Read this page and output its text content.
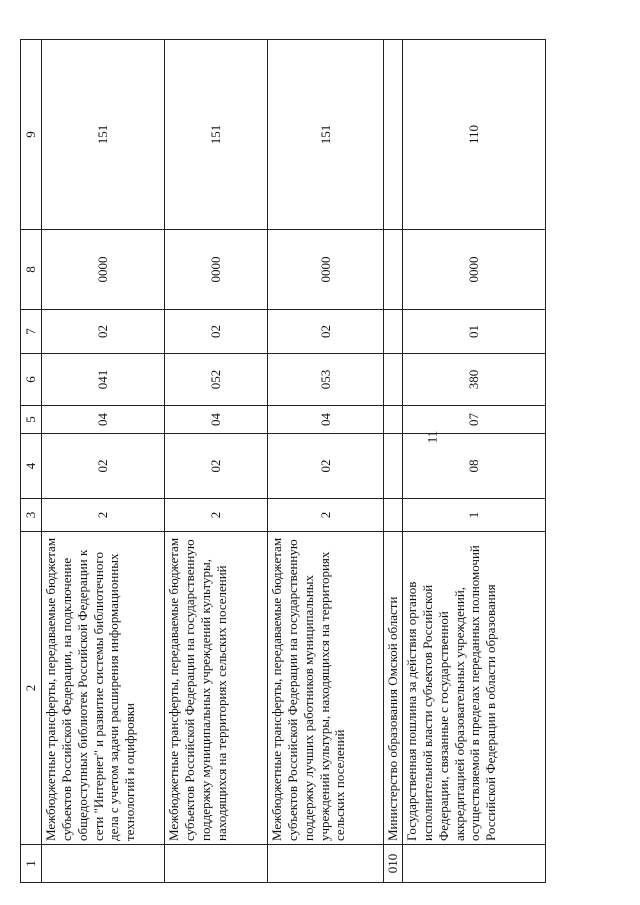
11
1	2	3	4	5	6	7	8	9
	Межбюджетные трансферты, передаваемые бюджетам субъектов Российской Федерации, на подключение общедоступных библиотек Российской Федерации к сети "Интернет" и развитие системы библиотечного дела с учетом задачи расширения информационных технологий и оцифровки	2	02	04	041	02	0000	151
	Межбюджетные трансферты, передаваемые бюджетам субъектов Российской Федерации на государственную поддержку муниципальных учреждений культуры, находящихся на территориях сельских поселений	2	02	04	052	02	0000	151
	Межбюджетные трансферты, передаваемые бюджетам субъектов Российской Федерации на государственную поддержку лучших работников муниципальных учреждений культуры, находящихся на территориях сельских поселений	2	02	04	053	02	0000	151
010	Министерство образования Омской области							
	Государственная пошлина за действия органов исполнительной власти субъектов Российской Федерации, связанные с государственной аккредитацией образовательных учреждений, осуществляемой в пределах переданных полномочий Российской Федерации в области образования	1	08	07	380	01	0000	110
